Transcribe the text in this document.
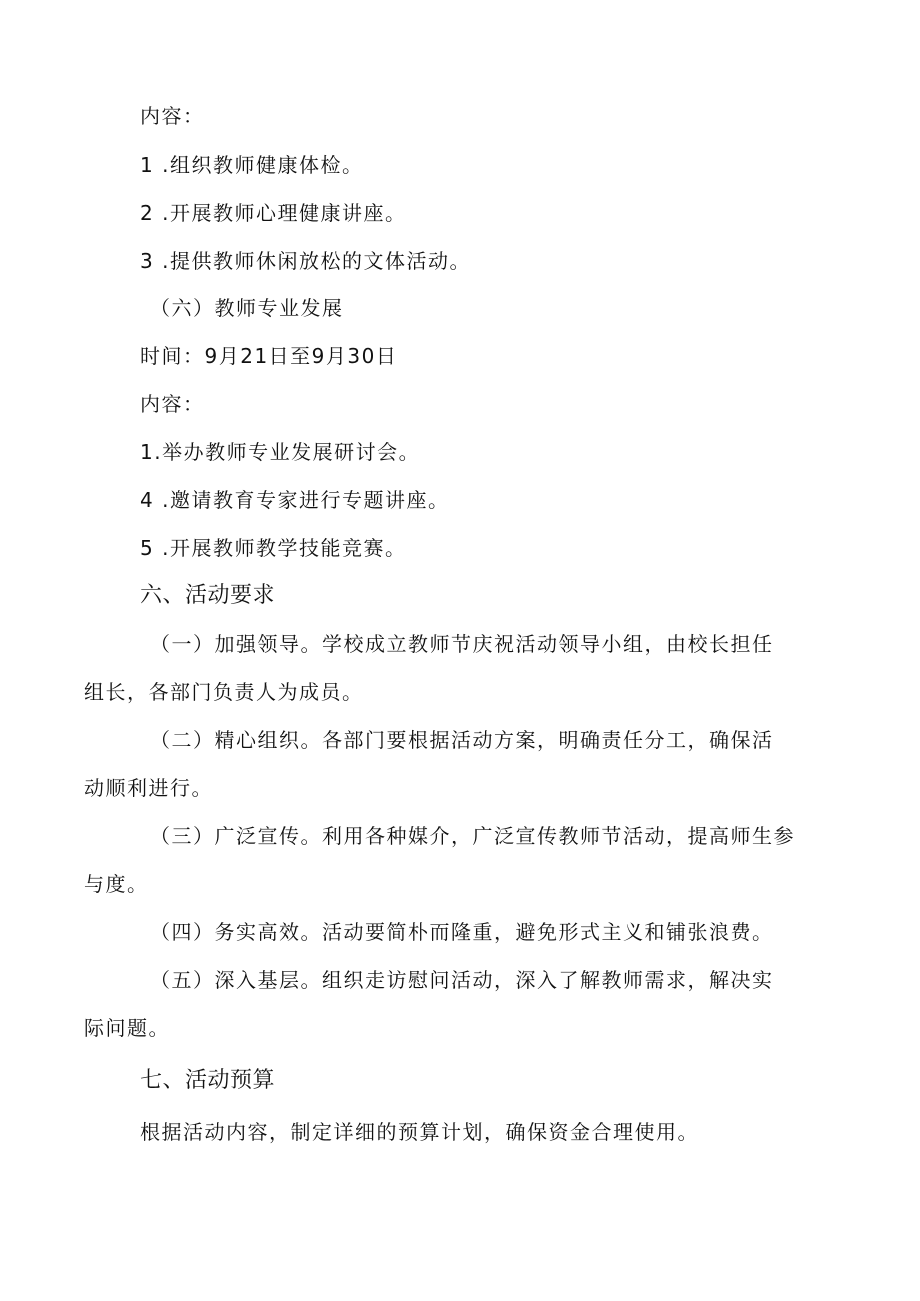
内容：
1 .组织教师健康体检。
2 .开展教师心理健康讲座。
3 .提供教师休闲放松的文体活动。
（六）教师专业发展
时间：9月21日至9月30日
内容：
1.举办教师专业发展研讨会。
4 .邀请教育专家进行专题讲座。
5 .开展教师教学技能竞赛。
六、活动要求
（一）加强领导。学校成立教师节庆祝活动领导小组，由校长担任
组长，各部门负责人为成员。
（二）精心组织。各部门要根据活动方案，明确责任分工，确保活
动顺利进行。
（三）广泛宣传。利用各种媒介，广泛宣传教师节活动，提高师生参
与度。
（四）务实高效。活动要简朴而隆重，避免形式主义和铺张浪费。
（五）深入基层。组织走访慰问活动，深入了解教师需求，解决实
际问题。
七、活动预算
根据活动内容，制定详细的预算计划，确保资金合理使用。
